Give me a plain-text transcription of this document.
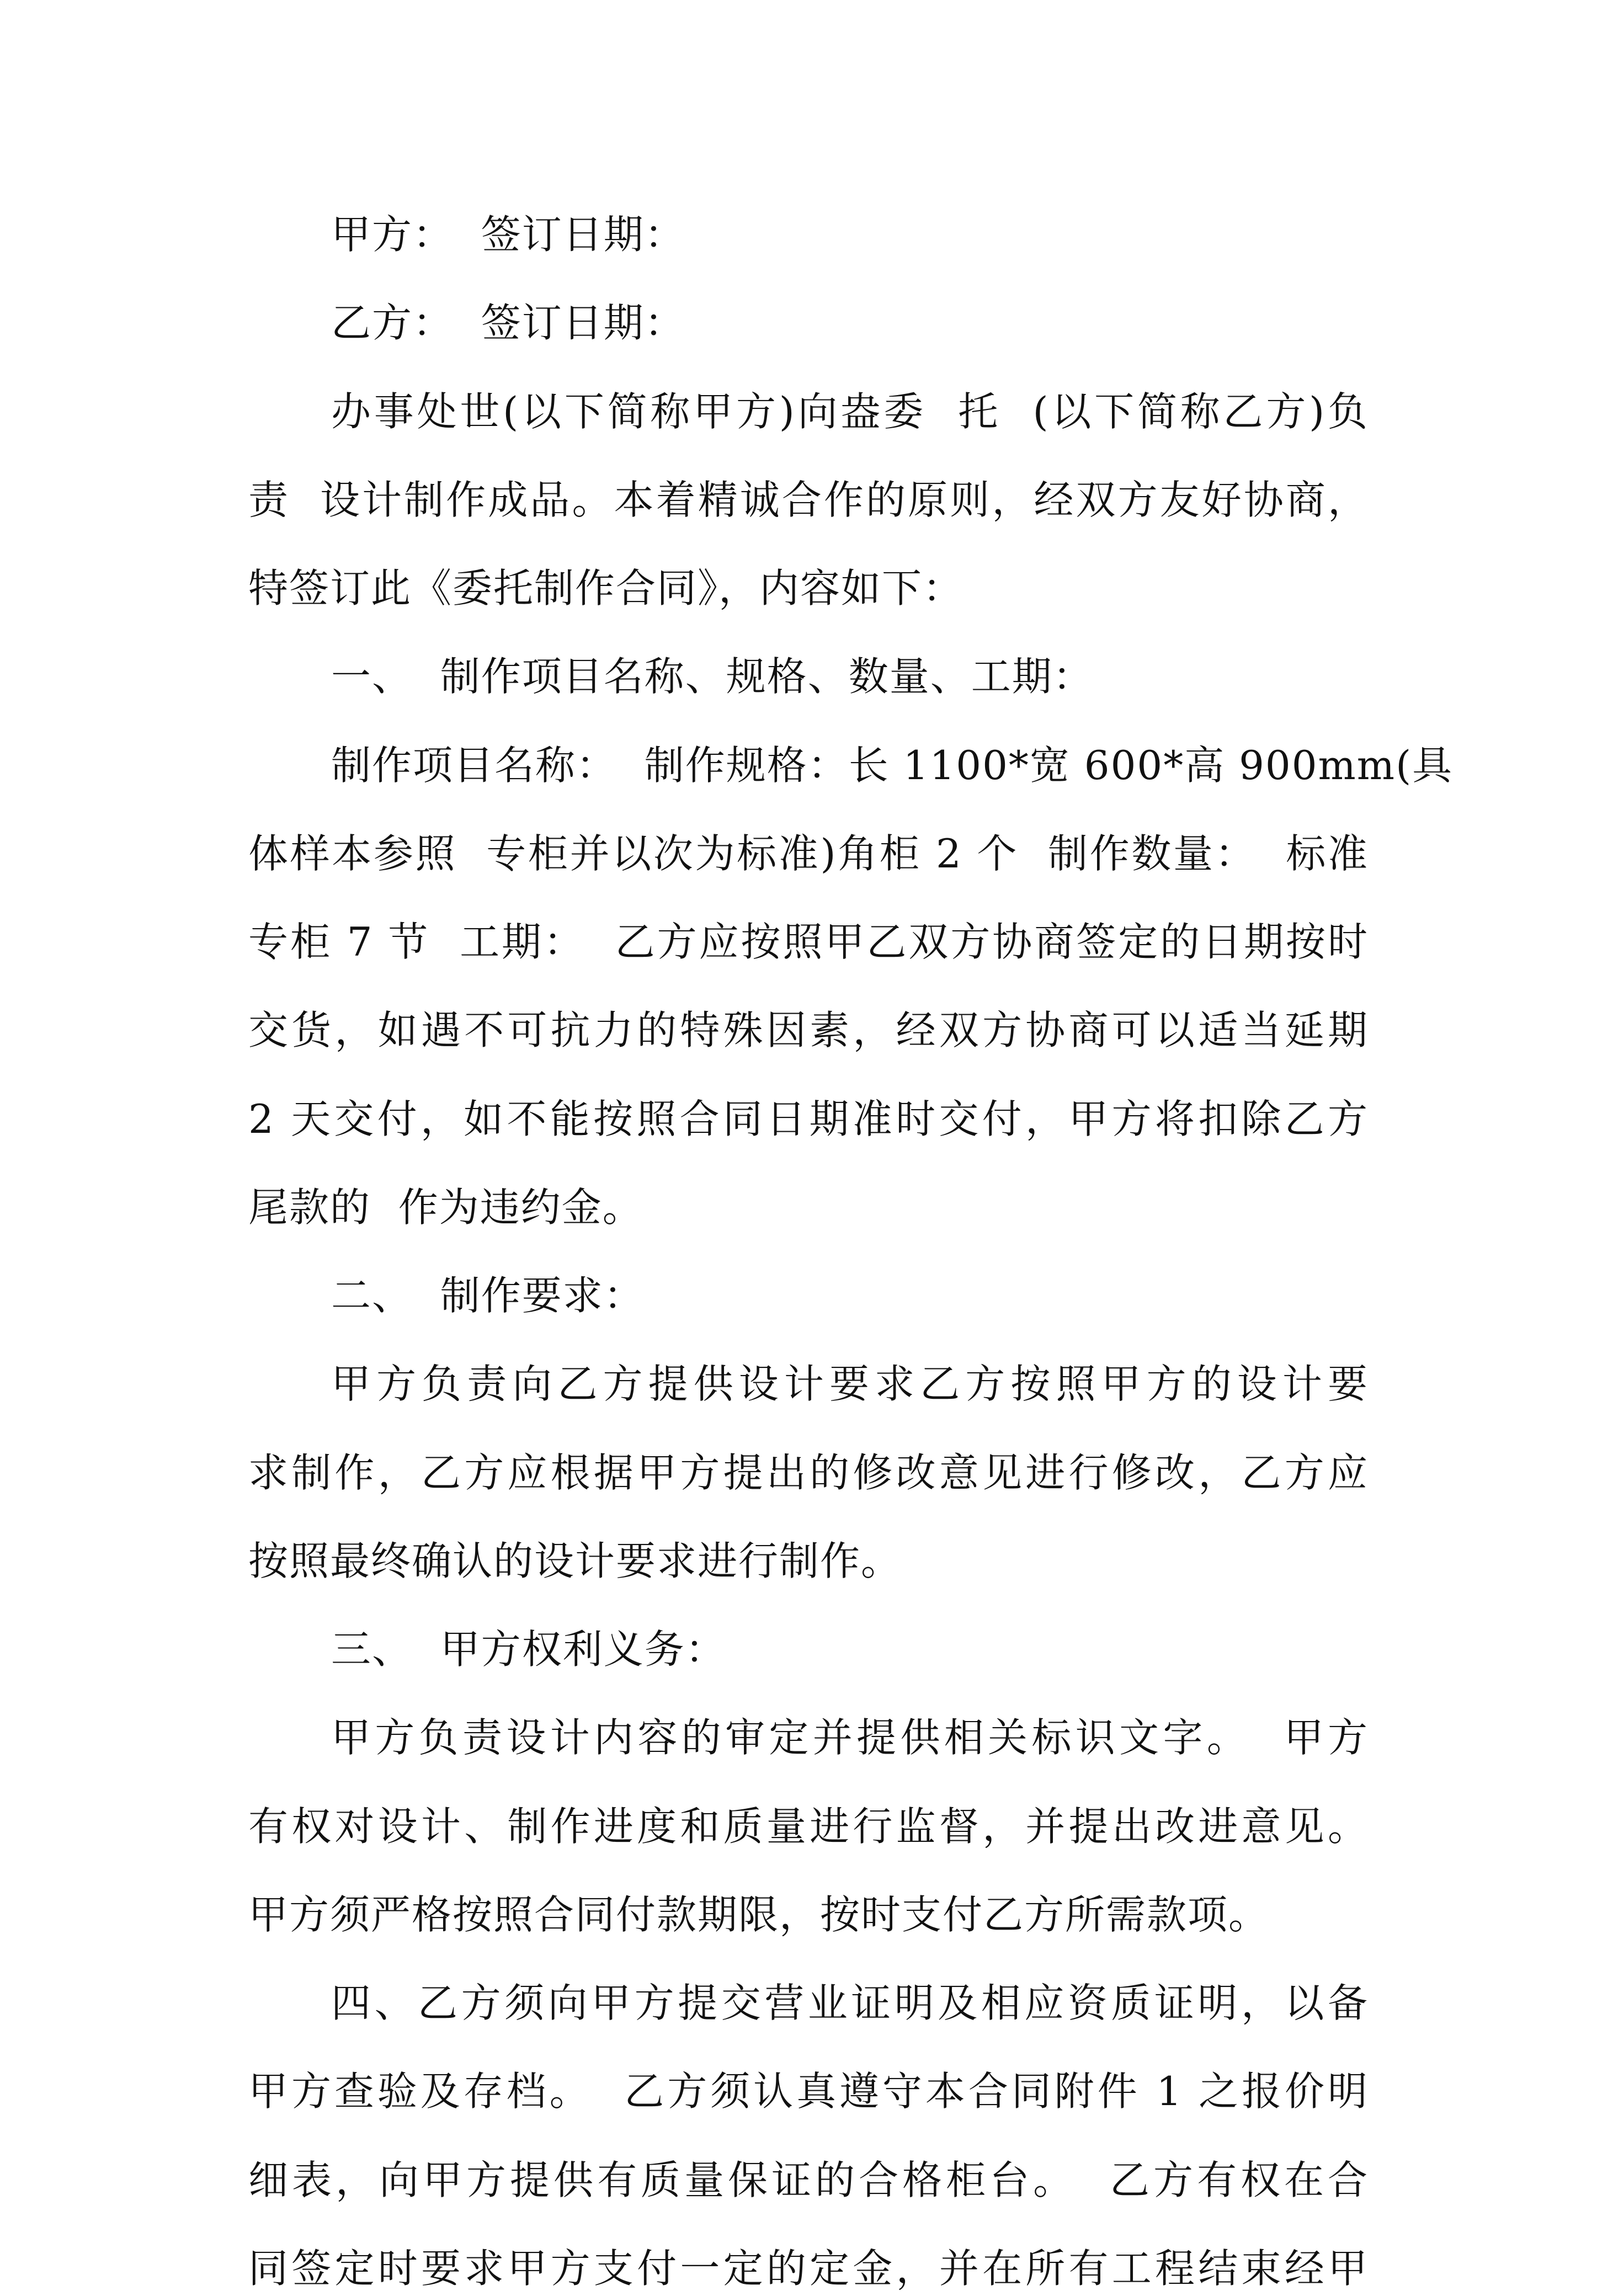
甲方：  签订日期：
乙方：  签订日期：
办事处世(以下简称甲方)向盎委  托  (以下简称乙方)负
责  设计制作成品。本着精诚合作的原则，经双方友好协商，
特签订此《委托制作合同》，内容如下：
一、  制作项目名称、规格、数量、工期：
制作项目名称：  制作规格：长 1100*宽 600*高 900mm(具
体样本参照  专柜并以次为标准)角柜 2 个  制作数量：  标准
专柜 7 节  工期：  乙方应按照甲乙双方协商签定的日期按时
交货，如遇不可抗力的特殊因素，经双方协商可以适当延期
2 天交付，如不能按照合同日期准时交付，甲方将扣除乙方
尾款的  作为违约金。
二、  制作要求：
甲方负责向乙方提供设计要求乙方按照甲方的设计要
求制作，乙方应根据甲方提出的修改意见进行修改，乙方应
按照最终确认的设计要求进行制作。
三、  甲方权利义务：
甲方负责设计内容的审定并提供相关标识文字。  甲方
有权对设计、制作进度和质量进行监督，并提出改进意见。
甲方须严格按照合同付款期限，按时支付乙方所需款项。
四、乙方须向甲方提交营业证明及相应资质证明，以备
甲方查验及存档。  乙方须认真遵守本合同附件 1 之报价明
细表，向甲方提供有质量保证的合格柜台。  乙方有权在合
同签定时要求甲方支付一定的定金，并在所有工程结束经甲
